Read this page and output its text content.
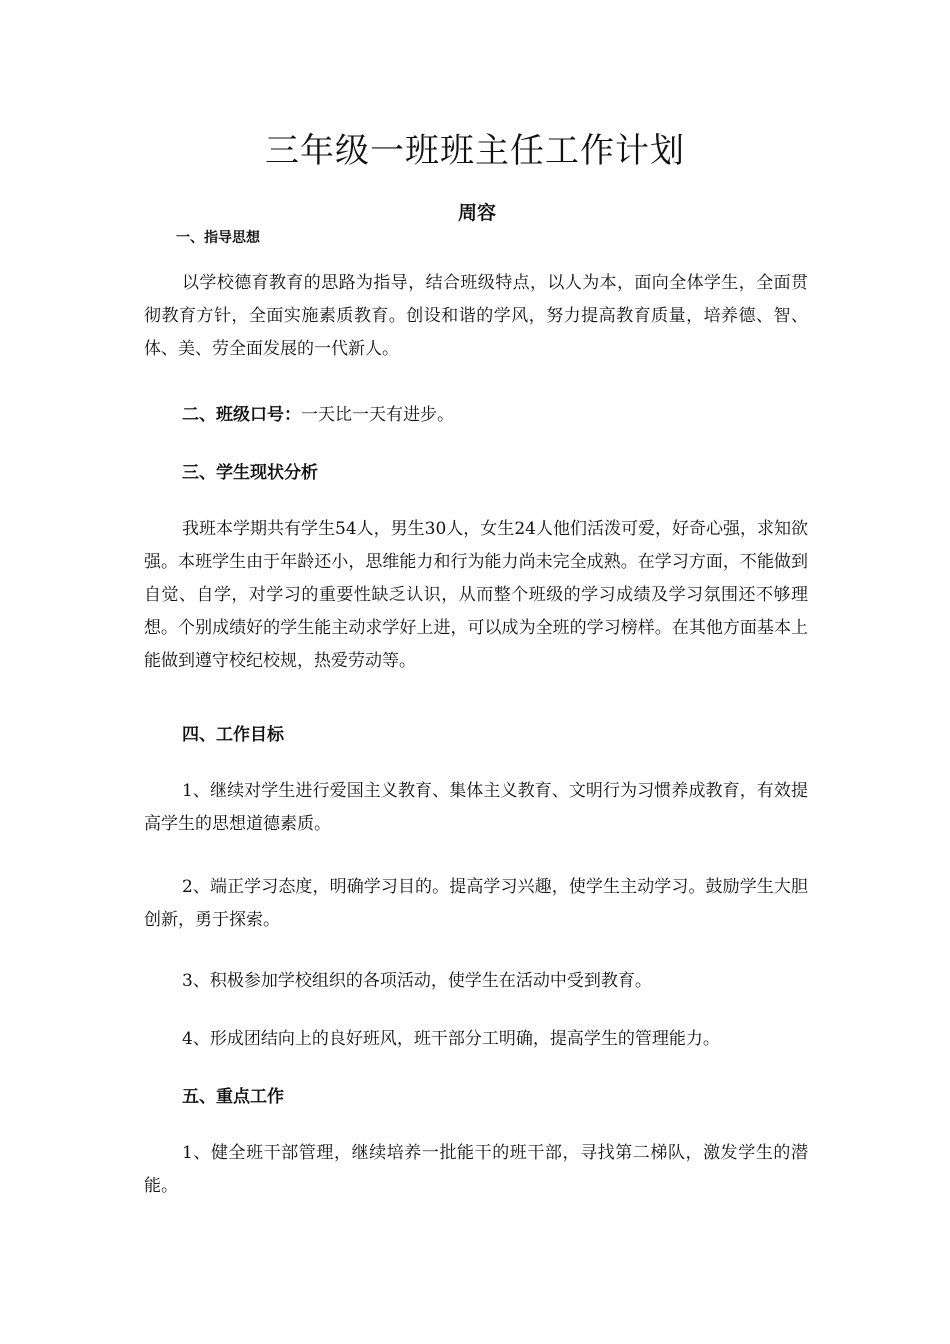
三年级一班班主任工作计划
周容
一、指导思想
以学校德育教育的思路为指导，结合班级特点，以人为本，面向全体学生，全面贯彻教育方针，全面实施素质教育。创设和谐的学风，努力提高教育质量，培养德、智、体、美、劳全面发展的一代新人。
二、班级口号：一天比一天有进步。
三、学生现状分析
我班本学期共有学生54人，男生30人，女生24人他们活泼可爱，好奇心强，求知欲强。本班学生由于年龄还小，思维能力和行为能力尚未完全成熟。在学习方面，不能做到自觉、自学，对学习的重要性缺乏认识，从而整个班级的学习成绩及学习氛围还不够理想。个别成绩好的学生能主动求学好上进，可以成为全班的学习榜样。在其他方面基本上能做到遵守校纪校规，热爱劳动等。
四、工作目标
1、继续对学生进行爱国主义教育、集体主义教育、文明行为习惯养成教育，有效提高学生的思想道德素质。
2、端正学习态度，明确学习目的。提高学习兴趣，使学生主动学习。鼓励学生大胆创新，勇于探索。
3、积极参加学校组织的各项活动，使学生在活动中受到教育。
4、形成团结向上的良好班风，班干部分工明确，提高学生的管理能力。
五、重点工作
1、健全班干部管理，继续培养一批能干的班干部，寻找第二梯队，激发学生的潜能。
